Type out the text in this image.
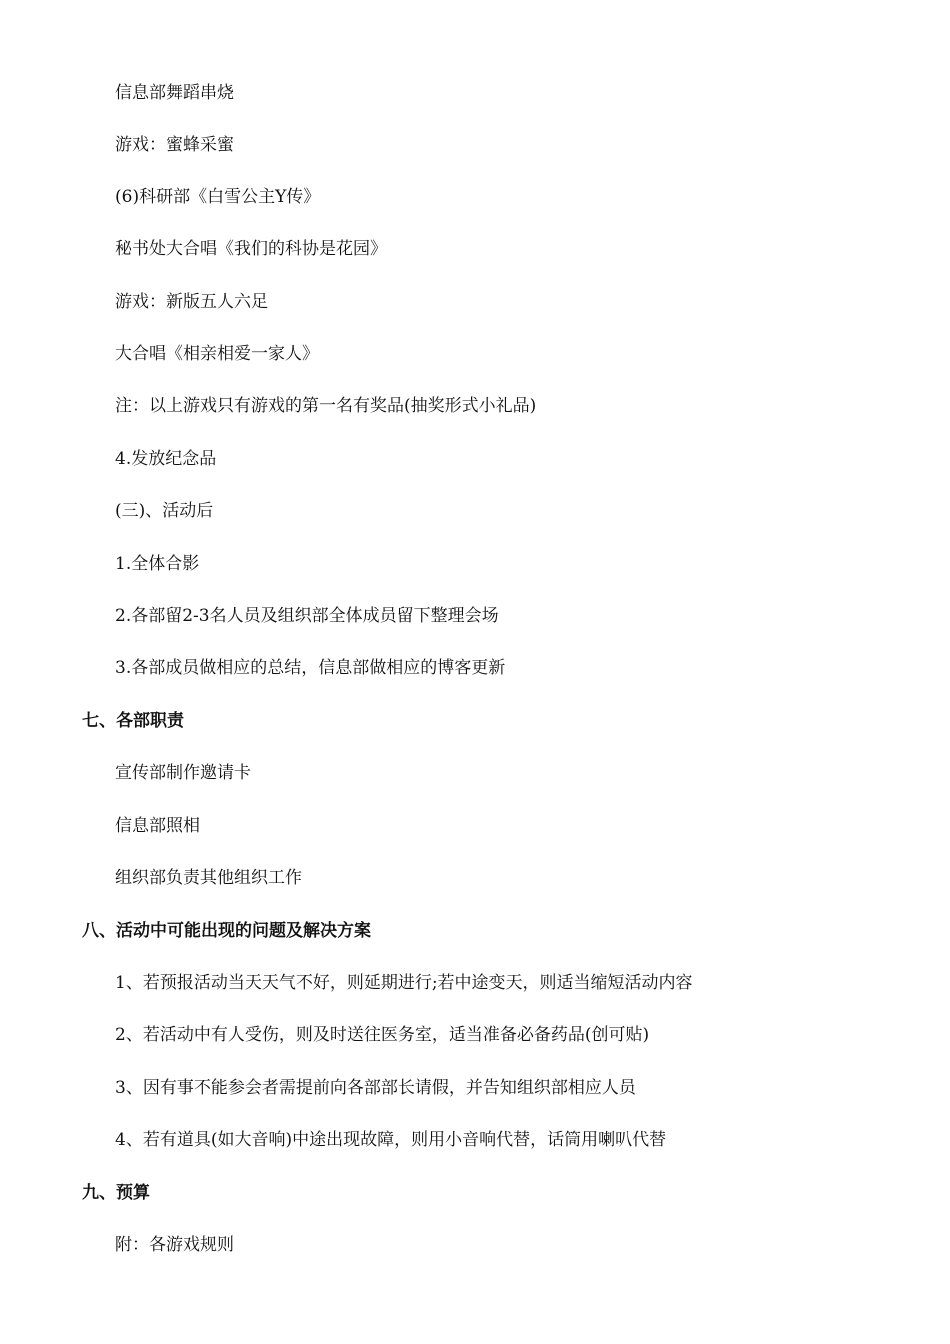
信息部舞蹈串烧
游戏：蜜蜂采蜜
(6)科研部《白雪公主Y传》
秘书处大合唱《我们的科协是花园》
游戏：新版五人六足
大合唱《相亲相爱一家人》
注：以上游戏只有游戏的第一名有奖品(抽奖形式小礼品)
4.发放纪念品
(三)、活动后
1.全体合影
2.各部留2-3名人员及组织部全体成员留下整理会场
3.各部成员做相应的总结，信息部做相应的博客更新
七、各部职责
宣传部制作邀请卡
信息部照相
组织部负责其他组织工作
八、活动中可能出现的问题及解决方案
1、若预报活动当天天气不好，则延期进行;若中途变天，则适当缩短活动内容
2、若活动中有人受伤，则及时送往医务室，适当准备必备药品(创可贴)
3、因有事不能参会者需提前向各部部长请假，并告知组织部相应人员
4、若有道具(如大音响)中途出现故障，则用小音响代替，话筒用喇叭代替
九、预算
附：各游戏规则
